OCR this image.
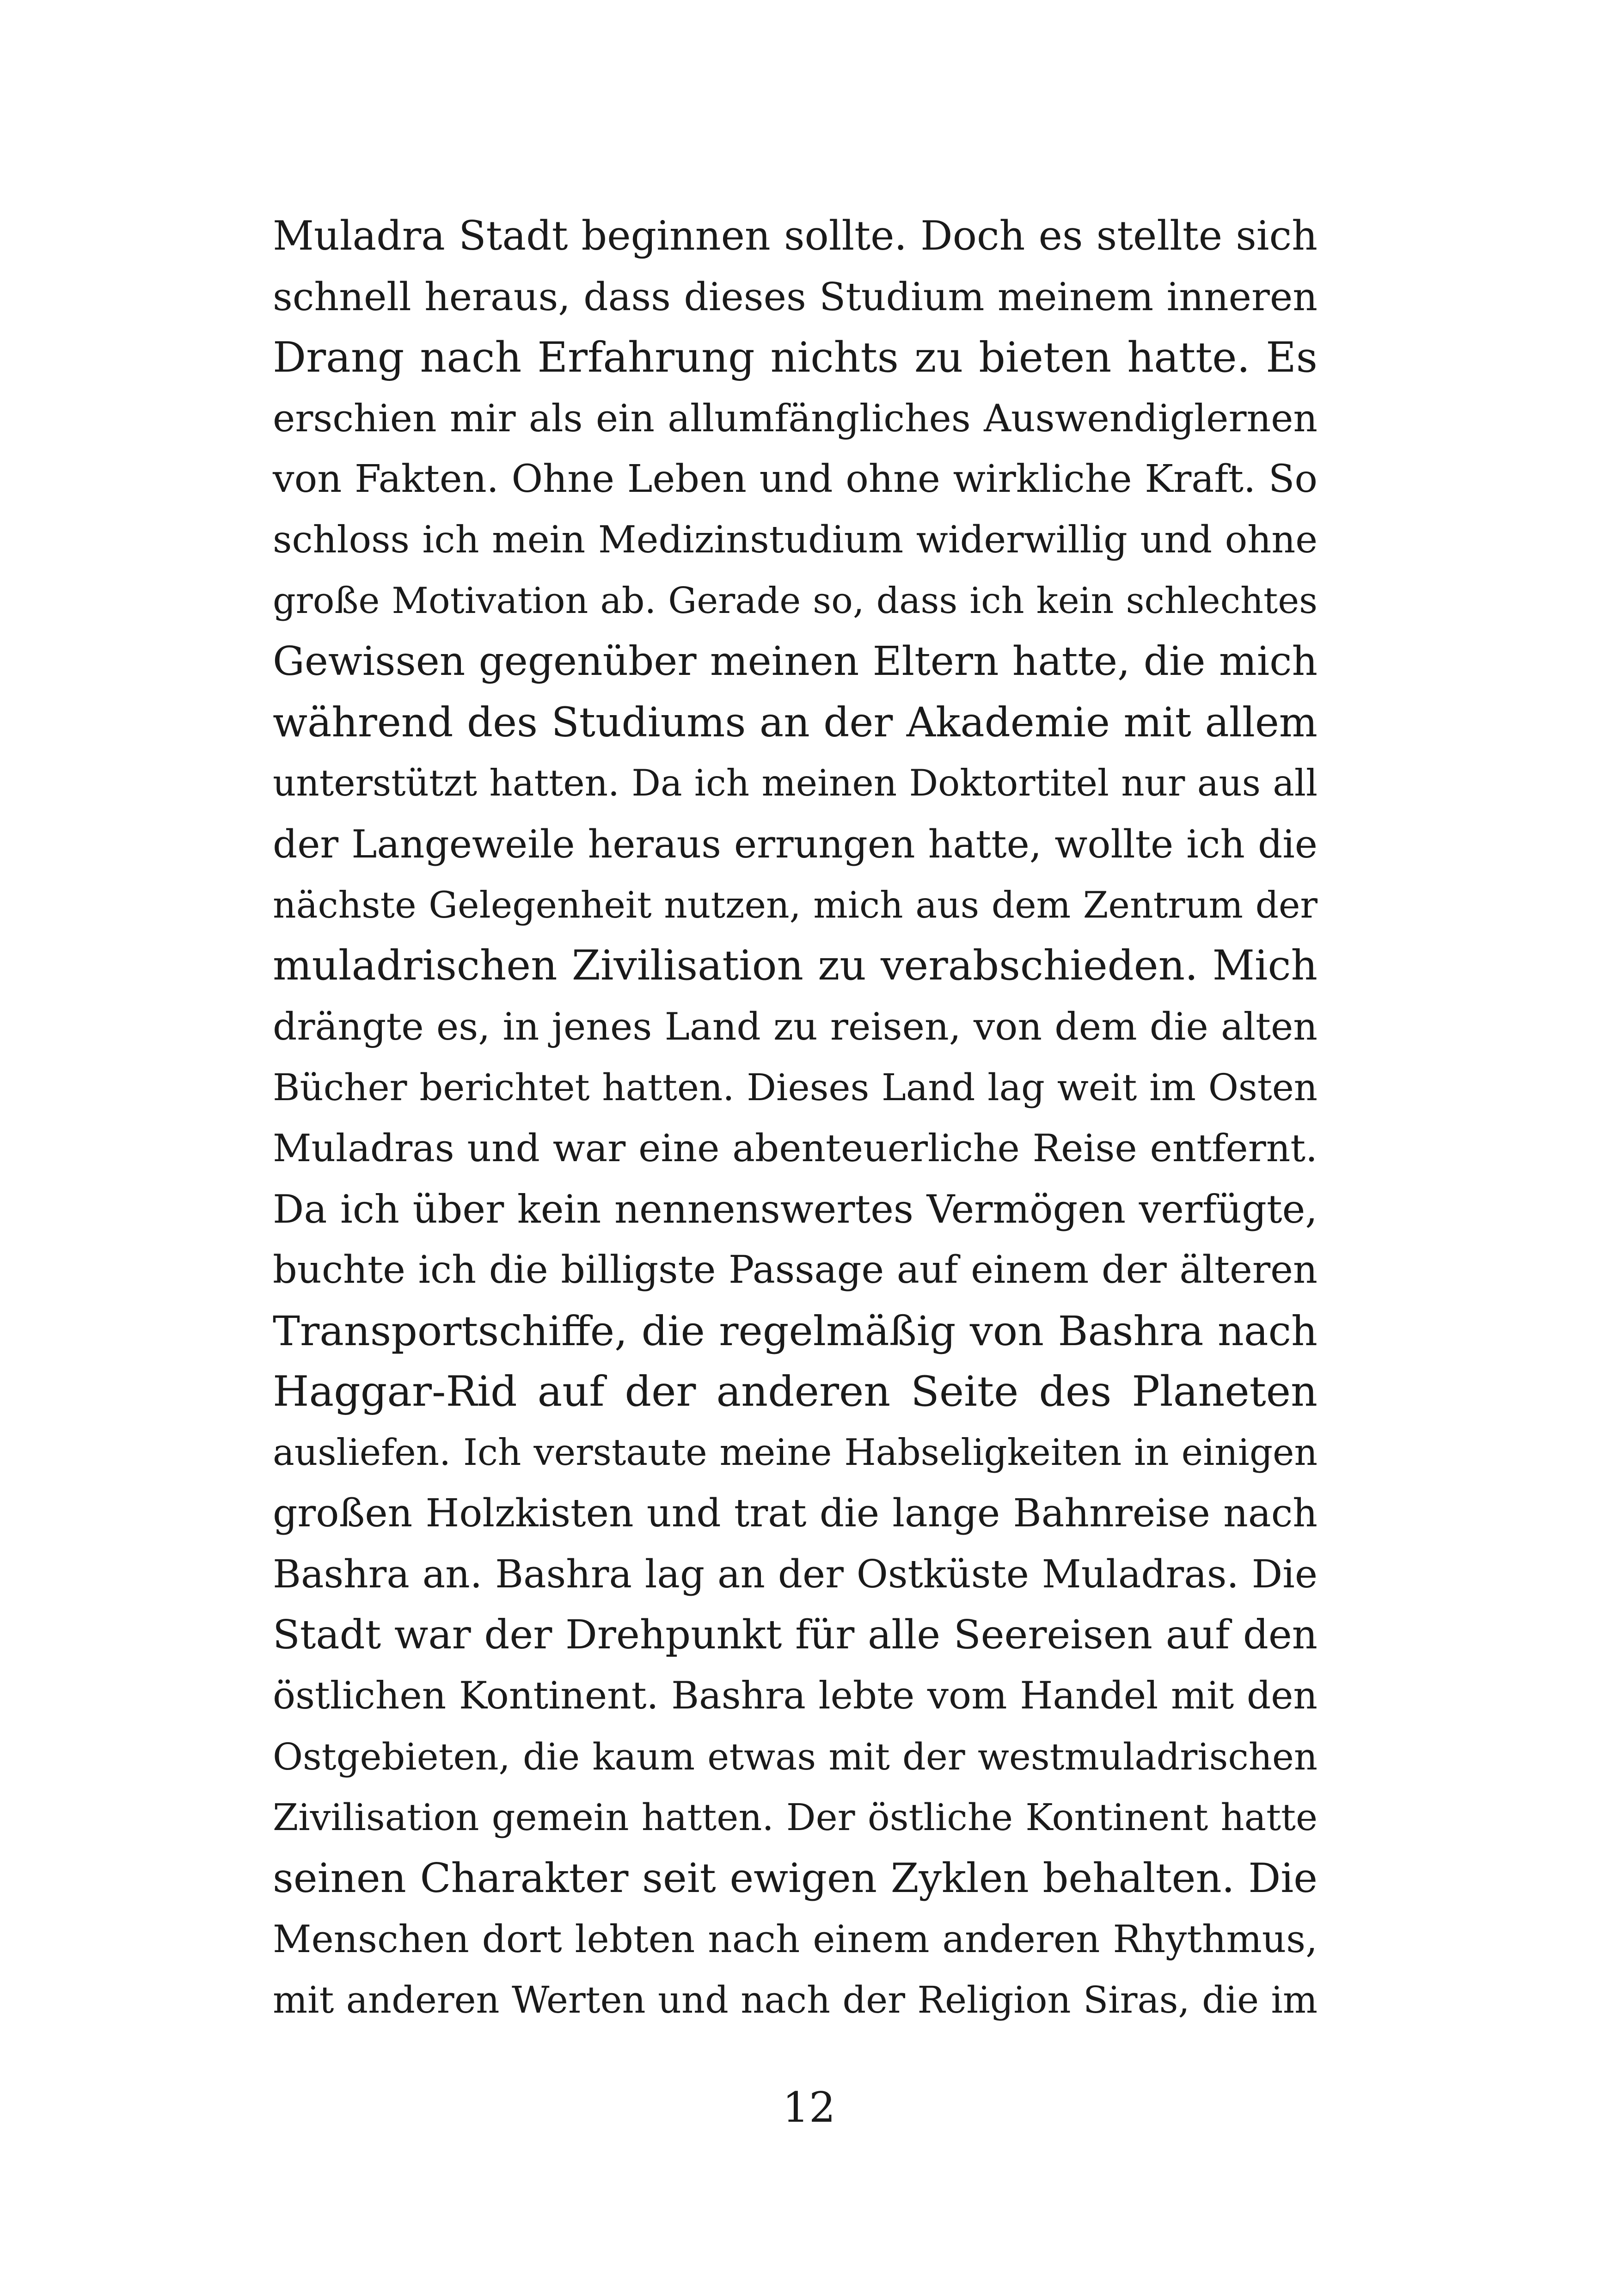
Muladra Stadt beginnen sollte. Doch es stellte sich
schnell heraus, dass dieses Studium meinem inneren
Drang nach Erfahrung nichts zu bieten hatte. Es
erschien mir als ein allumfängliches Auswendiglernen
von Fakten. Ohne Leben und ohne wirkliche Kraft. So
schloss ich mein Medizinstudium widerwillig und ohne
große Motivation ab. Gerade so, dass ich kein schlechtes
Gewissen gegenüber meinen Eltern hatte, die mich
während des Studiums an der Akademie mit allem
unterstützt hatten. Da ich meinen Doktortitel nur aus all
der Langeweile heraus errungen hatte, wollte ich die
nächste Gelegenheit nutzen, mich aus dem Zentrum der
muladrischen Zivilisation zu verabschieden. Mich
drängte es, in jenes Land zu reisen, von dem die alten
Bücher berichtet hatten. Dieses Land lag weit im Osten
Muladras und war eine abenteuerliche Reise entfernt.
Da ich über kein nennenswertes Vermögen verfügte,
buchte ich die billigste Passage auf einem der älteren
Transportschiffe, die regelmäßig von Bashra nach
Haggar-Rid auf der anderen Seite des Planeten
ausliefen. Ich verstaute meine Habseligkeiten in einigen
großen Holzkisten und trat die lange Bahnreise nach
Bashra an. Bashra lag an der Ostküste Muladras. Die
Stadt war der Drehpunkt für alle Seereisen auf den
östlichen Kontinent. Bashra lebte vom Handel mit den
Ostgebieten, die kaum etwas mit der westmuladrischen
Zivilisation gemein hatten. Der östliche Kontinent hatte
seinen Charakter seit ewigen Zyklen behalten. Die
Menschen dort lebten nach einem anderen Rhythmus,
mit anderen Werten und nach der Religion Siras, die im
12
